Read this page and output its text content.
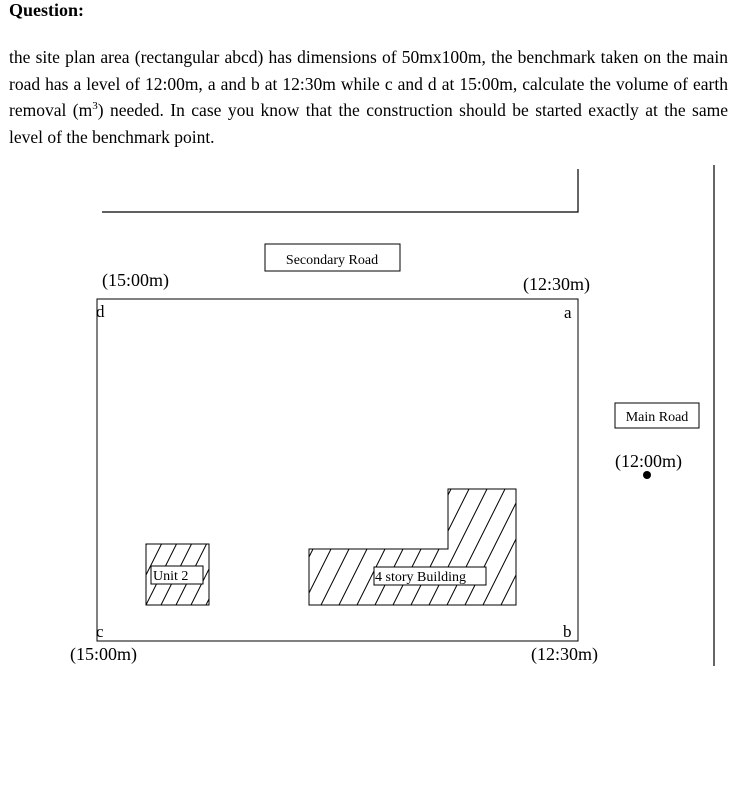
Question:
the site plan area (rectangular abcd) has dimensions of 50mx100m, the benchmark taken on the main road has a level of 12:00m, a and b at 12:30m while c and d at 15:00m, calculate the volume of earth removal $(m^3)$ needed. In case you know that the construction should be started exactly at the same level of the benchmark point.
Secondary Road
Main Road
(12:00m)
d	a
c	b
(15:00m)	(12:30m)
(15:00m)	(12:30m)
Unit 2	4 story Building
